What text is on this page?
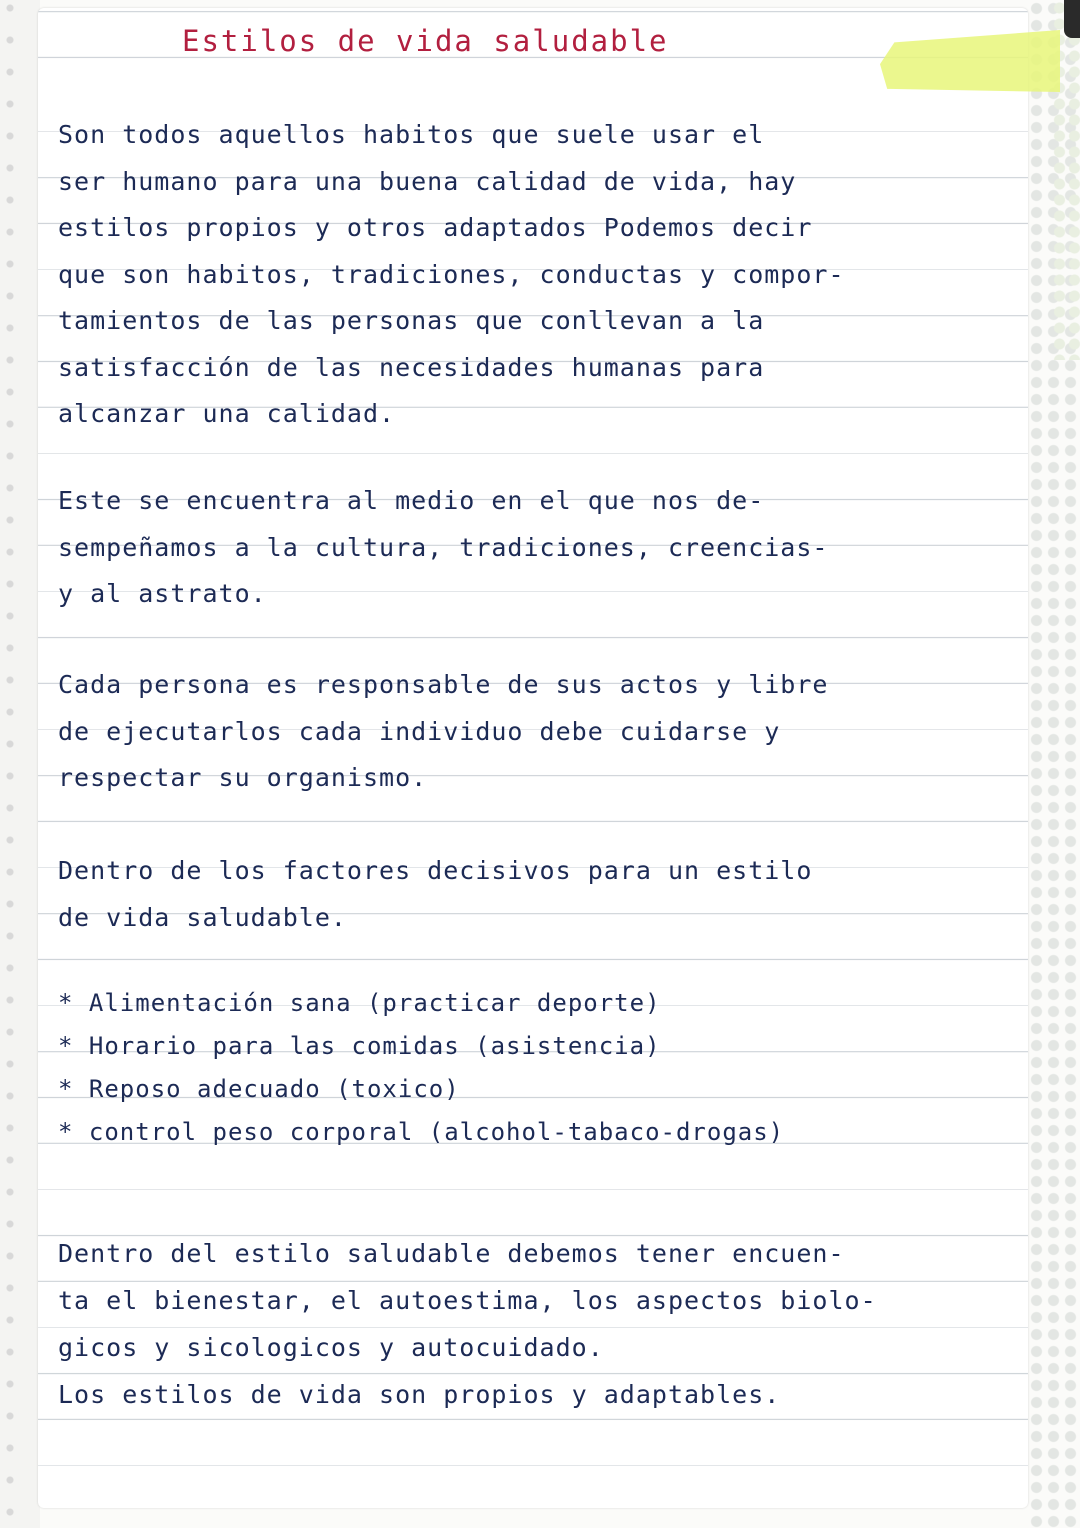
Estilos de vida saludable
Son todos aquellos habitos que suele usar el
ser humano para una buena calidad de vida, hay
estilos propios y otros adaptados Podemos decir
que son habitos, tradiciones, conductas y compor-
tamientos de las personas que conllevan a la
satisfacción de las necesidades humanas para
alcanzar una calidad.
Este se encuentra al medio en el que nos de-
sempeñamos a la cultura, tradiciones, creencias-
y al astrato.
Cada persona es responsable de sus actos y libre
de ejecutarlos cada individuo debe cuidarse y
respectar su organismo.
Dentro de los factores decisivos para un estilo
de vida saludable.
* Alimentación sana (practicar deporte)
* Horario para las comidas (asistencia)
* Reposo adecuado (toxico)
* control peso corporal (alcohol-tabaco-drogas)
Dentro del estilo saludable debemos tener encuen-
ta el bienestar, el autoestima, los aspectos biolo-
gicos y sicologicos y autocuidado.
Los estilos de vida son propios y adaptables.
